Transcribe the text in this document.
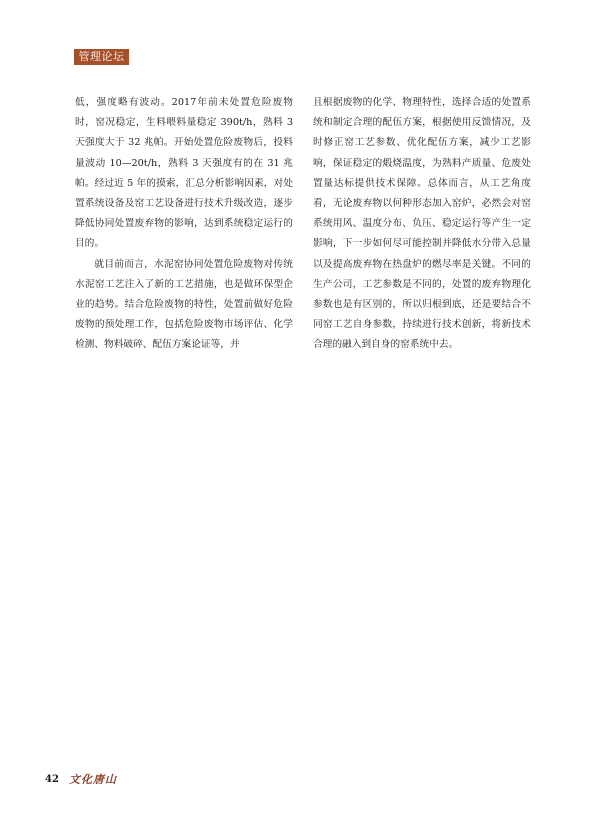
管理论坛

低，强度略有波动。2017年前未处置危险废物时，窑况稳定，生料喂料量稳定 390t/h，熟料 3 天强度大于 32 兆帕。开始处置危险废物后，投料量波动 10—20t/h，熟料 3 天强度有的在 31 兆帕。经过近 5 年的摸索，汇总分析影响因素，对处置系统设备及窑工艺设备进行技术升级改造，逐步降低协同处置废弃物的影响，达到系统稳定运行的目的。

就目前而言，水泥窑协同处置危险废物对传统水泥窑工艺注入了新的工艺措施，也是做环保型企业的趋势。结合危险废物的特性，处置前做好危险废物的预处理工作，包括危险废物市场评估、化学检测、物料破碎、配伍方案论证等，并

且根据废物的化学、物理特性，选择合适的处置系统和制定合理的配伍方案，根据使用反馈情况，及时修正窑工艺参数、优化配伍方案，减少工艺影响，保证稳定的煅烧温度，为熟料产质量、危废处置量达标提供技术保障。总体而言，从工艺角度看，无论废弃物以何种形态加入窑炉，必然会对窑系统用风、温度分布、负压、稳定运行等产生一定影响，下一步如何尽可能控制并降低水分带入总量以及提高废弃物在热盘炉的燃尽率是关键。不同的生产公司，工艺参数是不同的，处置的废弃物理化参数也是有区别的，所以归根到底，还是要结合不同窑工艺自身参数，持续进行技术创新，将新技术合理的融入到自身的窑系统中去。

42 文化唐山
